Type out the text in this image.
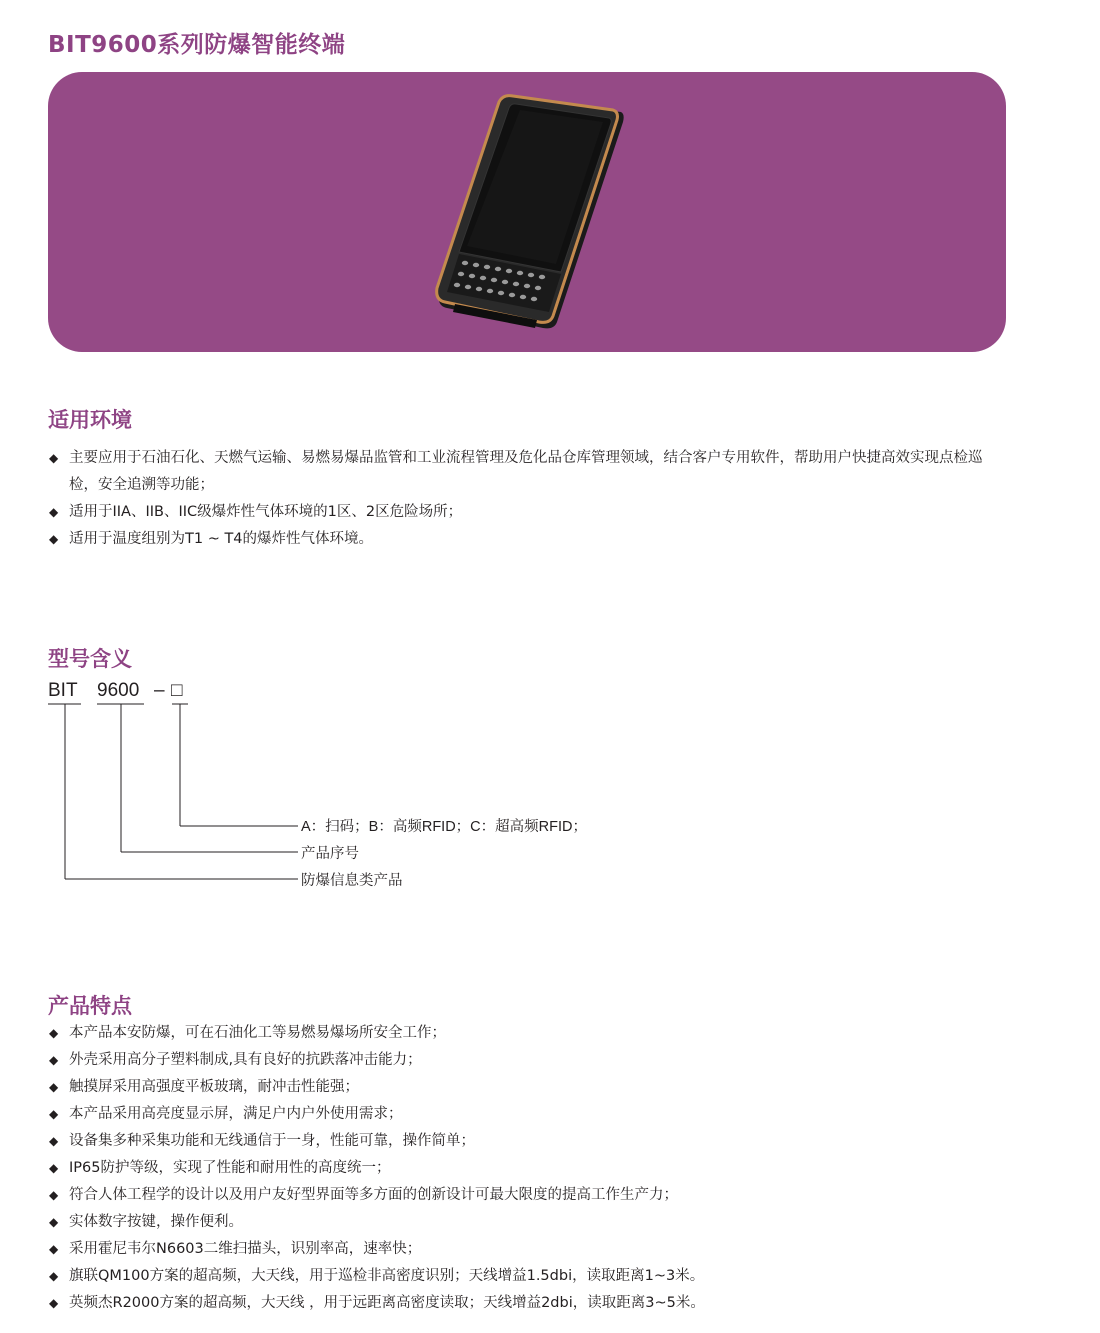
BIT9600系列防爆智能终端
适用环境
◆ 主要应用于石油石化、天燃气运输、易燃易爆品监管和工业流程管理及危化品仓库管理领域，结合客户专用软件，帮助用户快捷高效实现点检巡检，安全追溯等功能；
◆ 适用于IIA、IIB、IIC级爆炸性气体环境的1区、2区危险场所；
◆ 适用于温度组别为T1 ~ T4的爆炸性气体环境。
型号含义
BIT 9600 – □
A：扫码；B：高频RFID；C：超高频RFID；
产品序号
防爆信息类产品
产品特点
◆ 本产品本安防爆，可在石油化工等易燃易爆场所安全工作；
◆ 外壳采用高分子塑料制成,具有良好的抗跌落冲击能力；
◆ 触摸屏采用高强度平板玻璃，耐冲击性能强；
◆ 本产品采用高亮度显示屏，满足户内户外使用需求；
◆ 设备集多种采集功能和无线通信于一身，性能可靠，操作简单；
◆ IP65防护等级，实现了性能和耐用性的高度统一；
◆ 符合人体工程学的设计以及用户友好型界面等多方面的创新设计可最大限度的提高工作生产力；
◆ 实体数字按键，操作便利。
◆ 采用霍尼韦尔N6603二维扫描头，识别率高，速率快；
◆ 旗联QM100方案的超高频，大天线，用于巡检非高密度识别；天线增益1.5dbi，读取距离1~3米。
◆ 英频杰R2000方案的超高频，大天线 ，用于远距离高密度读取；天线增益2dbi，读取距离3~5米。
